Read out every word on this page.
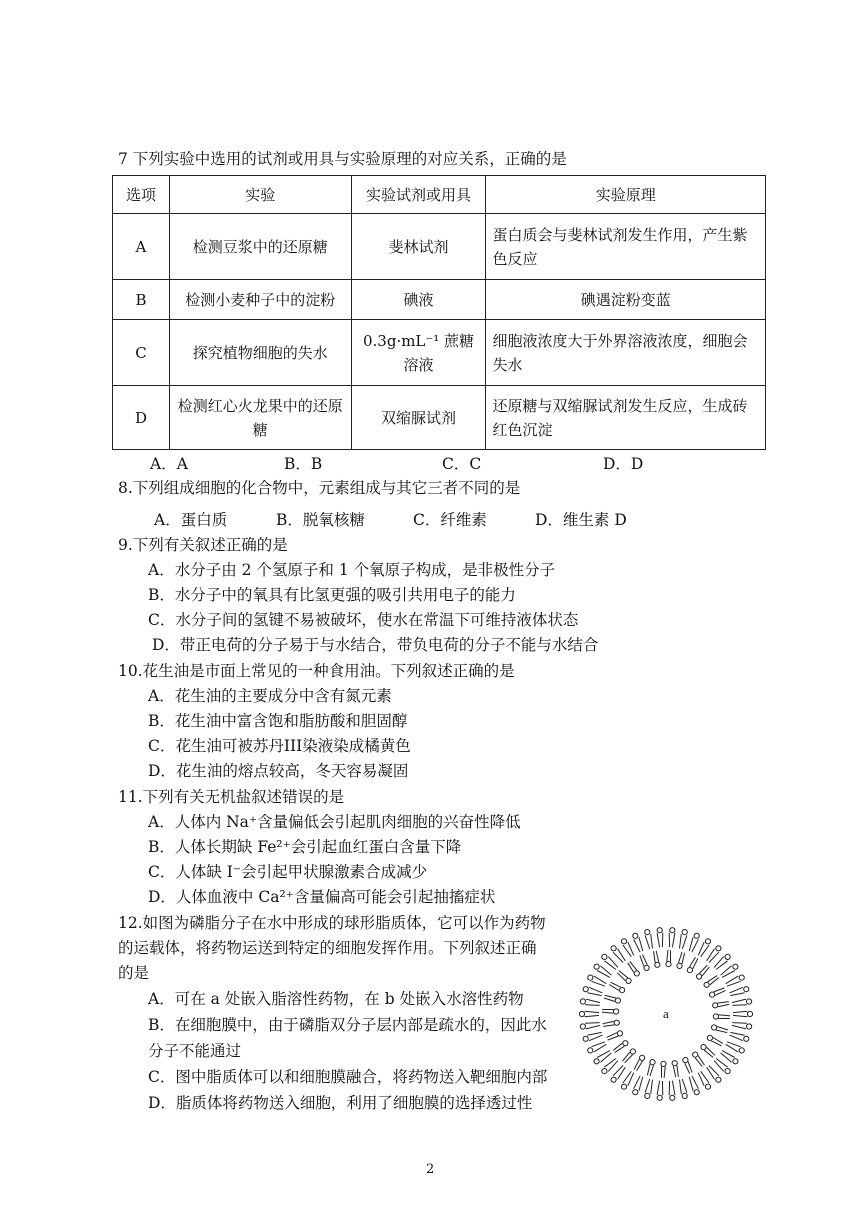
7 下列实验中选用的试剂或用具与实验原理的对应关系，正确的是
选项	实验	实验试剂或用具	实验原理
A	检测豆浆中的还原糖	斐林试剂	蛋白质会与斐林试剂发生作用，产生紫色反应
B	检测小麦种子中的淀粉	碘液	碘遇淀粉变蓝
C	探究植物细胞的失水	0.3g·mL⁻¹ 蔗糖溶液	细胞液浓度大于外界溶液浓度，细胞会失水
D	检测红心火龙果中的还原糖	双缩脲试剂	还原糖与双缩脲试剂发生反应，生成砖红色沉淀
A．A	B．B	C．C	D．D
8.下列组成细胞的化合物中，元素组成与其它三者不同的是
A．蛋白质	B．脱氧核糖	C．纤维素	D．维生素 D
9.下列有关叙述正确的是
A．水分子由 2 个氢原子和 1 个氧原子构成，是非极性分子
B．水分子中的氧具有比氢更强的吸引共用电子的能力
C．水分子间的氢键不易被破坏，使水在常温下可维持液体状态
D．带正电荷的分子易于与水结合，带负电荷的分子不能与水结合
10.花生油是市面上常见的一种食用油。下列叙述正确的是
A．花生油的主要成分中含有氮元素
B．花生油中富含饱和脂肪酸和胆固醇
C．花生油可被苏丹III染液染成橘黄色
D．花生油的熔点较高，冬天容易凝固
11.下列有关无机盐叙述错误的是
A．人体内 Na⁺含量偏低会引起肌肉细胞的兴奋性降低
B．人体长期缺 Fe²⁺会引起血红蛋白含量下降
C．人体缺 I⁻会引起甲状腺激素合成减少
D．人体血液中 Ca²⁺含量偏高可能会引起抽搐症状
12.如图为磷脂分子在水中形成的球形脂质体，它可以作为药物
的运载体，将药物运送到特定的细胞发挥作用。下列叙述正确
的是
A．可在 a 处嵌入脂溶性药物，在 b 处嵌入水溶性药物
B．在细胞膜中，由于磷脂双分子层内部是疏水的，因此水
分子不能通过
C．图中脂质体可以和细胞膜融合，将药物送入靶细胞内部
D．脂质体将药物送入细胞，利用了细胞膜的选择透过性
a
2
